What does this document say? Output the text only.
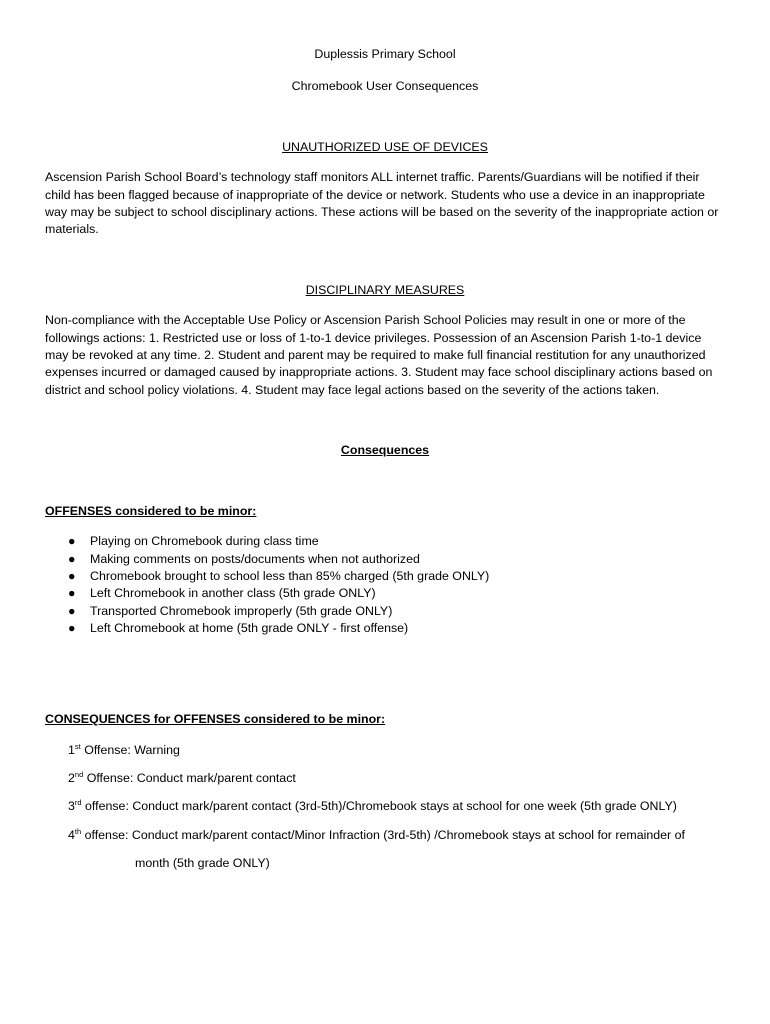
Duplessis Primary School

Chromebook User Consequences

UNAUTHORIZED USE OF DEVICES

Ascension Parish School Board’s technology staff monitors ALL internet traffic. Parents/Guardians will be notified if their child has been flagged because of inappropriate of the device or network. Students who use a device in an inappropriate way may be subject to school disciplinary actions. These actions will be based on the severity of the inappropriate action or materials.

DISCIPLINARY MEASURES

Non-compliance with the Acceptable Use Policy or Ascension Parish School Policies may result in one or more of the followings actions: 1. Restricted use or loss of 1-to-1 device privileges. Possession of an Ascension Parish 1-to-1 device may be revoked at any time. 2. Student and parent may be required to make full financial restitution for any unauthorized expenses incurred or damaged caused by inappropriate actions. 3. Student may face school disciplinary actions based on district and school policy violations. 4. Student may face legal actions based on the severity of the actions taken.

Consequences

OFFENSES considered to be minor:

● Playing on Chromebook during class time
● Making comments on posts/documents when not authorized
● Chromebook brought to school less than 85% charged (5th grade ONLY)
● Left Chromebook in another class (5th grade ONLY)
● Transported Chromebook improperly (5th grade ONLY)
● Left Chromebook at home (5th grade ONLY - first offense)

CONSEQUENCES for OFFENSES considered to be minor:

1st Offense: Warning

2nd Offense: Conduct mark/parent contact

3rd offense: Conduct mark/parent contact (3rd-5th)/Chromebook stays at school for one week (5th grade ONLY)

4th offense: Conduct mark/parent contact/Minor Infraction (3rd-5th) /Chromebook stays at school for remainder of

month (5th grade ONLY)
